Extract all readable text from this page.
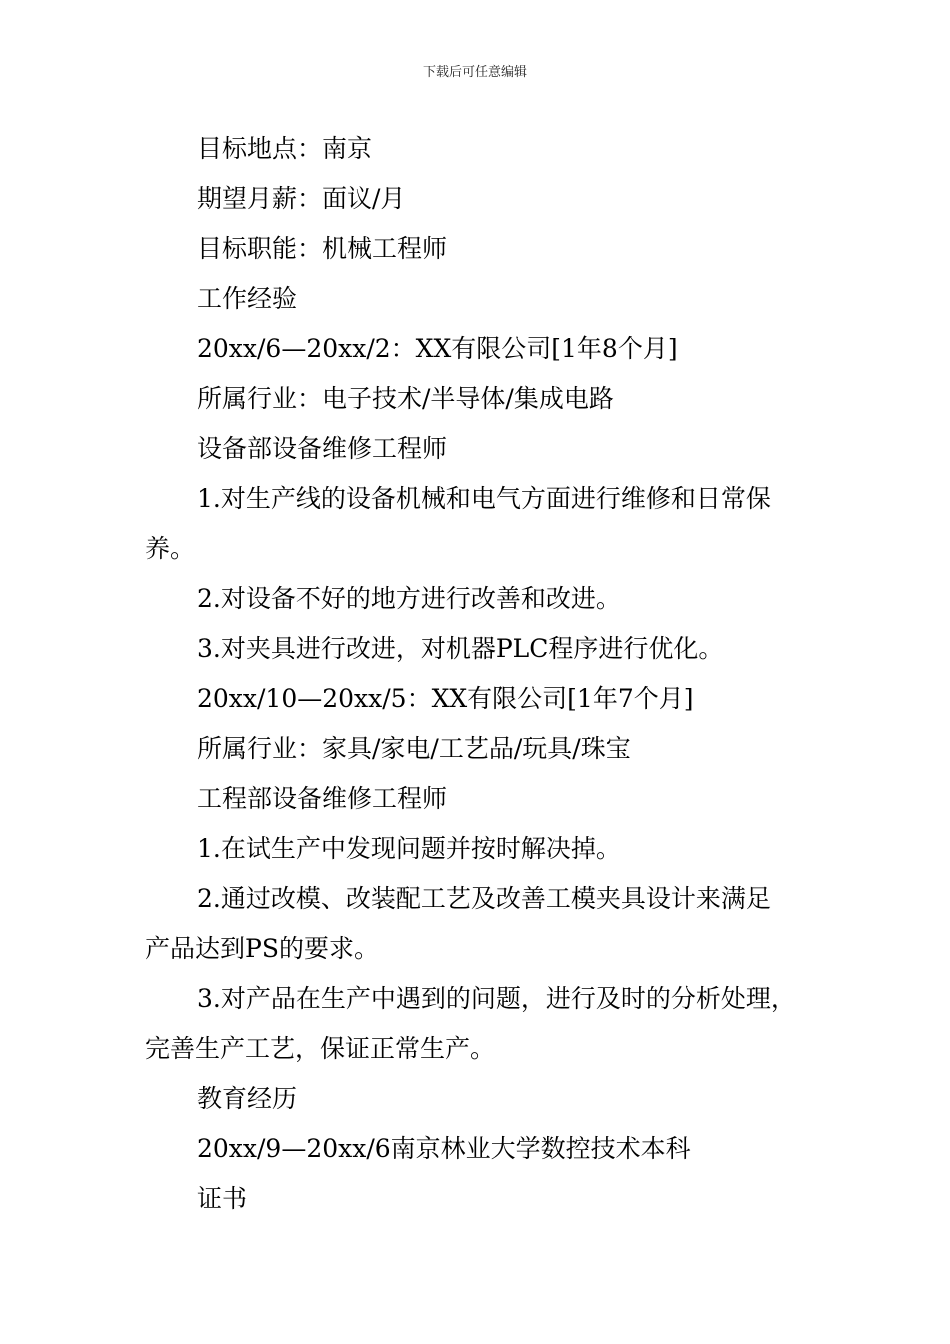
下载后可任意编辑
目标地点：南京
期望月薪：面议/月
目标职能：机械工程师
工作经验
20xx/6—20xx/2：XX有限公司[1年8个月]
所属行业：电子技术/半导体/集成电路
设备部设备维修工程师
1.对生产线的设备机械和电气方面进行维修和日常保
养。
2.对设备不好的地方进行改善和改进。
3.对夹具进行改进，对机器PLC程序进行优化。
20xx/10—20xx/5：XX有限公司[1年7个月]
所属行业：家具/家电/工艺品/玩具/珠宝
工程部设备维修工程师
1.在试生产中发现问题并按时解决掉。
2.通过改模、改装配工艺及改善工模夹具设计来满足
产品达到PS的要求。
3.对产品在生产中遇到的问题，进行及时的分析处理，
完善生产工艺，保证正常生产。
教育经历
20xx/9—20xx/6南京林业大学数控技术本科
证书
